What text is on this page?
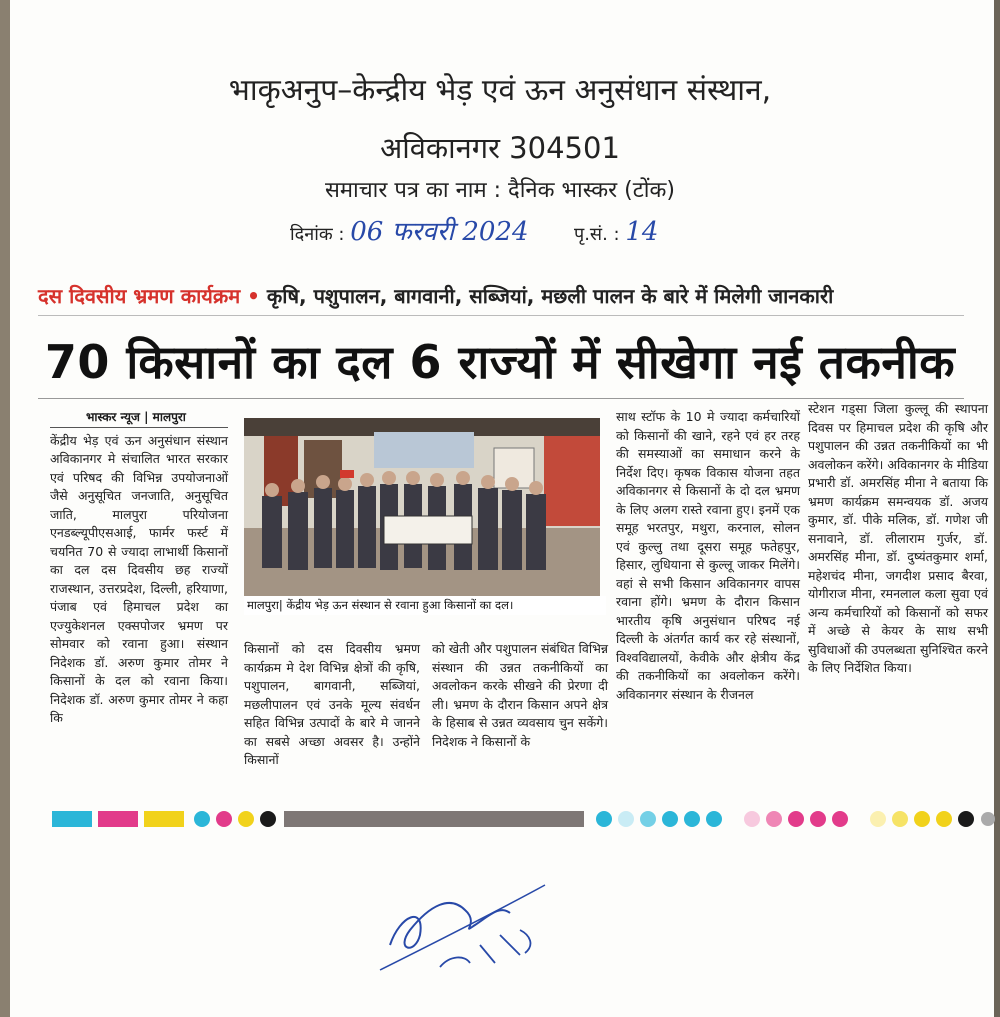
भाकृअनुप–केन्द्रीय भेड़ एवं ऊन अनुसंधान संस्थान,
अविकानगर 304501
समाचार पत्र का नाम : दैनिक भास्कर (टोंक)
दिनांक : 06 फरवरी 2024	पृ.सं. : 14
दस दिवसीय भ्रमण कार्यक्रम • कृषि, पशुपालन, बागवानी, सब्जियां, मछली पालन के बारे में मिलेगी जानकारी
70 किसानों का दल 6 राज्यों में सीखेगा नई तकनीक
भास्कर न्यूज | मालपुरा
केंद्रीय भेड़ एवं ऊन अनुसंधान संस्थान अविकानगर मे संचालित भारत सरकार एवं परिषद की विभिन्न उपयोजनाओं जैसे अनुसूचित जनजाति, अनुसूचित जाति, मालपुरा परियोजना एनडब्ल्यूपीएसआई, फार्मर फर्स्ट में चयनित 70 से ज्यादा लाभार्थी किसानों का दल दस दिवसीय छह राज्यों राजस्थान, उत्तरप्रदेश, दिल्ली, हरियाणा, पंजाब एवं हिमाचल प्रदेश का एज्युकेशनल एक्सपोजर भ्रमण पर सोमवार को रवाना हुआ। संस्थान निदेशक डॉ. अरुण कुमार तोमर ने किसानों के दल को रवाना किया। निदेशक डॉ. अरुण कुमार तोमर ने कहा कि
मालपुरा| केंद्रीय भेड़ ऊन संस्थान से रवाना हुआ किसानों का दल।
किसानों को दस दिवसीय भ्रमण कार्यक्रम मे देश विभिन्न क्षेत्रों की कृषि, पशुपालन, बागवानी, सब्जियां, मछलीपालन एवं उनके मूल्य संवर्धन सहित विभिन्न उत्पादों के बारे मे जानने का सबसे अच्छा अवसर है। उन्होंने किसानों
को खेती और पशुपालन संबंधित विभिन्न संस्थान की उन्नत तकनीकियों का अवलोकन करके सीखने की प्रेरणा दी ली। भ्रमण के दौरान किसान अपने क्षेत्र के हिसाब से उन्नत व्यवसाय चुन सकेंगे। निदेशक ने किसानों के
साथ स्टॉफ के 10 मे ज्यादा कर्मचारियों को किसानों की खाने, रहने एवं हर तरह की समस्याओं का समाधान करने के निर्देश दिए। कृषक विकास योजना तहत अविकानगर से किसानों के दो दल भ्रमण के लिए अलग रास्ते रवाना हुए। इनमें एक समूह भरतपुर, मथुरा, करनाल, सोलन एवं कुल्लु तथा दूसरा समूह फतेहपुर, हिसार, लुधियाना से कुल्लू जाकर मिलेंगे। वहां से सभी किसान अविकानगर वापस रवाना होंगे। भ्रमण के दौरान किसान भारतीय कृषि अनुसंधान परिषद नई दिल्ली के अंतर्गत कार्य कर रहे संस्थानों, विश्वविद्यालयों, केवीके और क्षेत्रीय केंद्र की तकनीकियों का अवलोकन करेंगे। अविकानगर संस्थान के रीजनल
स्टेशन गड्सा जिला कुल्लू की स्थापना दिवस पर हिमाचल प्रदेश की कृषि और पशुपालन की उन्नत तकनीकियों का भी अवलोकन करेंगे। अविकानगर के मीडिया प्रभारी डॉ. अमरसिंह मीना ने बताया कि भ्रमण कार्यक्रम समन्वयक डॉ. अजय कुमार, डॉ. पीके मलिक, डॉ. गणेश जी सनावाने, डॉ. लीलाराम गुर्जर, डॉ. अमरसिंह मीना, डॉ. दुष्यंतकुमार शर्मा, महेशचंद मीना, जगदीश प्रसाद बैरवा, योगीराज मीना, रमनलाल कला सुवा एवं अन्य कर्मचारियों को किसानों को सफर में अच्छे से केयर के साथ सभी सुविधाओं की उपलब्धता सुनिश्चित करने के लिए निर्देशित किया।
